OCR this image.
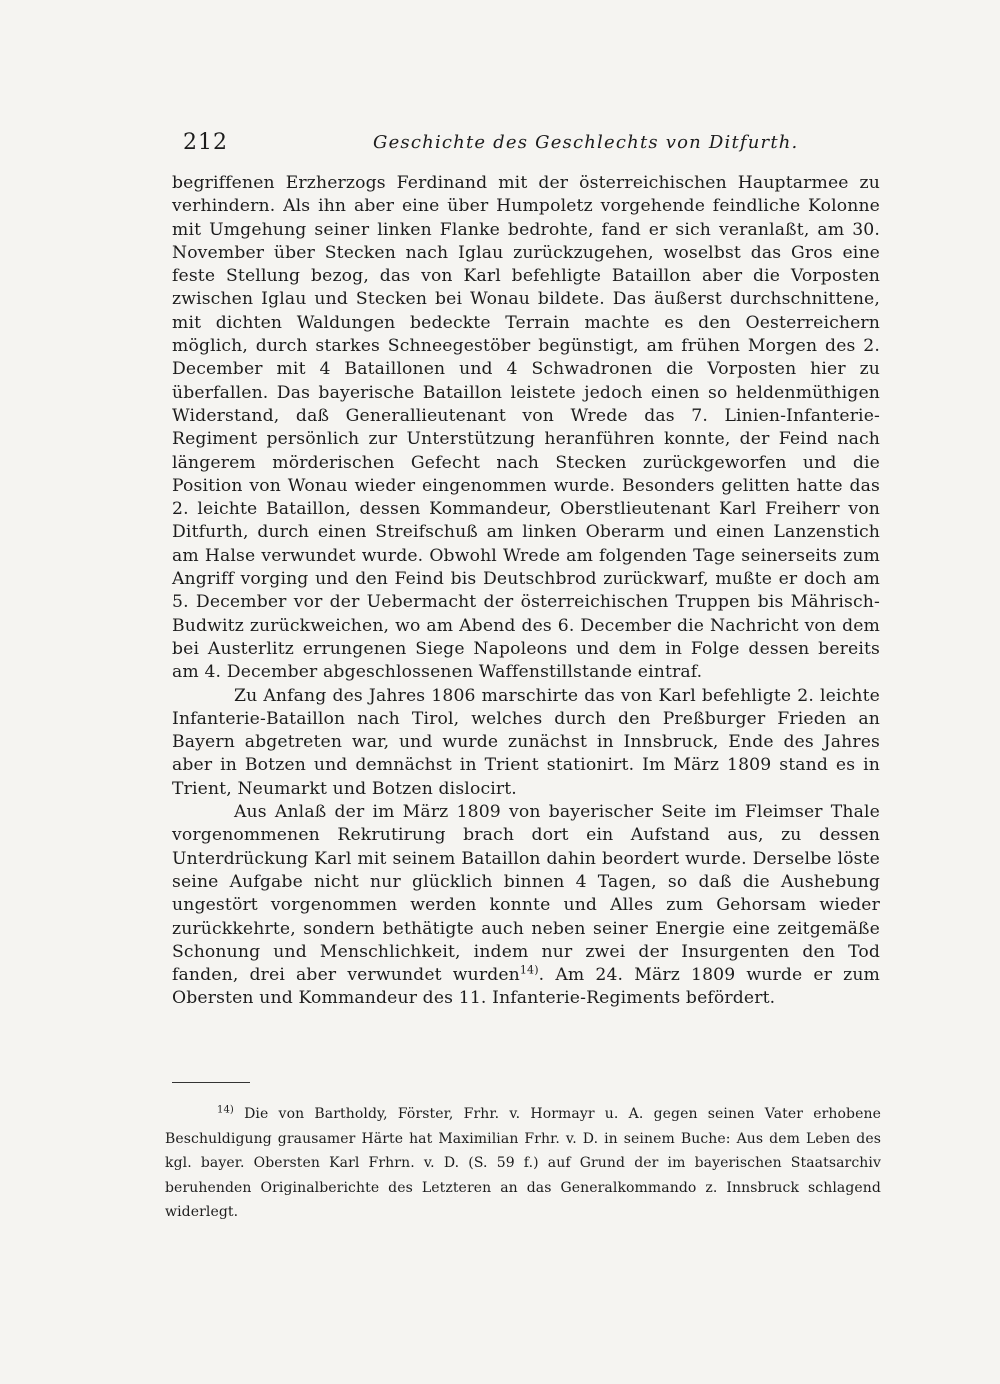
212	Geschichte des Geschlechts von Ditfurth.

begriffenen Erzherzogs Ferdinand mit der österreichischen Hauptarmee zu verhindern. Als ihn aber eine über Humpoletz vorgehende feindliche Kolonne mit Umgehung seiner linken Flanke bedrohte, fand er sich veranlaßt, am 30. November über Stecken nach Iglau zurückzugehen, woselbst das Gros eine feste Stellung bezog, das von Karl befehligte Bataillon aber die Vorposten zwischen Iglau und Stecken bei Wonau bildete. Das äußerst durchschnittene, mit dichten Waldungen bedeckte Terrain machte es den Oesterreichern möglich, durch starkes Schneegestöber begünstigt, am frühen Morgen des 2. December mit 4 Bataillonen und 4 Schwadronen die Vorposten hier zu überfallen. Das bayerische Bataillon leistete jedoch einen so heldenmüthigen Widerstand, daß Generallieutenant von Wrede das 7. Linien-Infanterie-Regiment persönlich zur Unterstützung heranführen konnte, der Feind nach längerem mörderischen Gefecht nach Stecken zurückgeworfen und die Position von Wonau wieder eingenommen wurde. Besonders gelitten hatte das 2. leichte Bataillon, dessen Kommandeur, Oberstlieutenant Karl Freiherr von Ditfurth, durch einen Streifschuß am linken Oberarm und einen Lanzenstich am Halse verwundet wurde. Obwohl Wrede am folgenden Tage seinerseits zum Angriff vorging und den Feind bis Deutschbrod zurückwarf, mußte er doch am 5. December vor der Uebermacht der österreichischen Truppen bis Mährisch-Budwitz zurückweichen, wo am Abend des 6. December die Nachricht von dem bei Austerlitz errungenen Siege Napoleons und dem in Folge dessen bereits am 4. December abgeschlossenen Waffenstillstande eintraf.

Zu Anfang des Jahres 1806 marschirte das von Karl befehligte 2. leichte Infanterie-Bataillon nach Tirol, welches durch den Preßburger Frieden an Bayern abgetreten war, und wurde zunächst in Innsbruck, Ende des Jahres aber in Botzen und demnächst in Trient stationirt. Im März 1809 stand es in Trient, Neumarkt und Botzen dislocirt.

Aus Anlaß der im März 1809 von bayerischer Seite im Fleimser Thale vorgenommenen Rekrutirung brach dort ein Aufstand aus, zu dessen Unterdrückung Karl mit seinem Bataillon dahin beordert wurde. Derselbe löste seine Aufgabe nicht nur glücklich binnen 4 Tagen, so daß die Aushebung ungestört vorgenommen werden konnte und Alles zum Gehorsam wieder zurückkehrte, sondern bethätigte auch neben seiner Energie eine zeitgemäße Schonung und Menschlichkeit, indem nur zwei der Insurgenten den Tod fanden, drei aber verwundet wurden$^{14)}$. Am 24. März 1809 wurde er zum Obersten und Kommandeur des 11. Infanterie-Regiments befördert.

$^{14)}$ Die von Bartholdy, Förster, Frhr. v. Hormayr u. A. gegen seinen Vater erhobene Beschuldigung grausamer Härte hat Maximilian Frhr. v. D. in seinem Buche: Aus dem Leben des kgl. bayer. Obersten Karl Frhrn. v. D. (S. 59 f.) auf Grund der im bayerischen Staatsarchiv beruhenden Originalberichte des Letzteren an das Generalkommando z. Innsbruck schlagend widerlegt.
